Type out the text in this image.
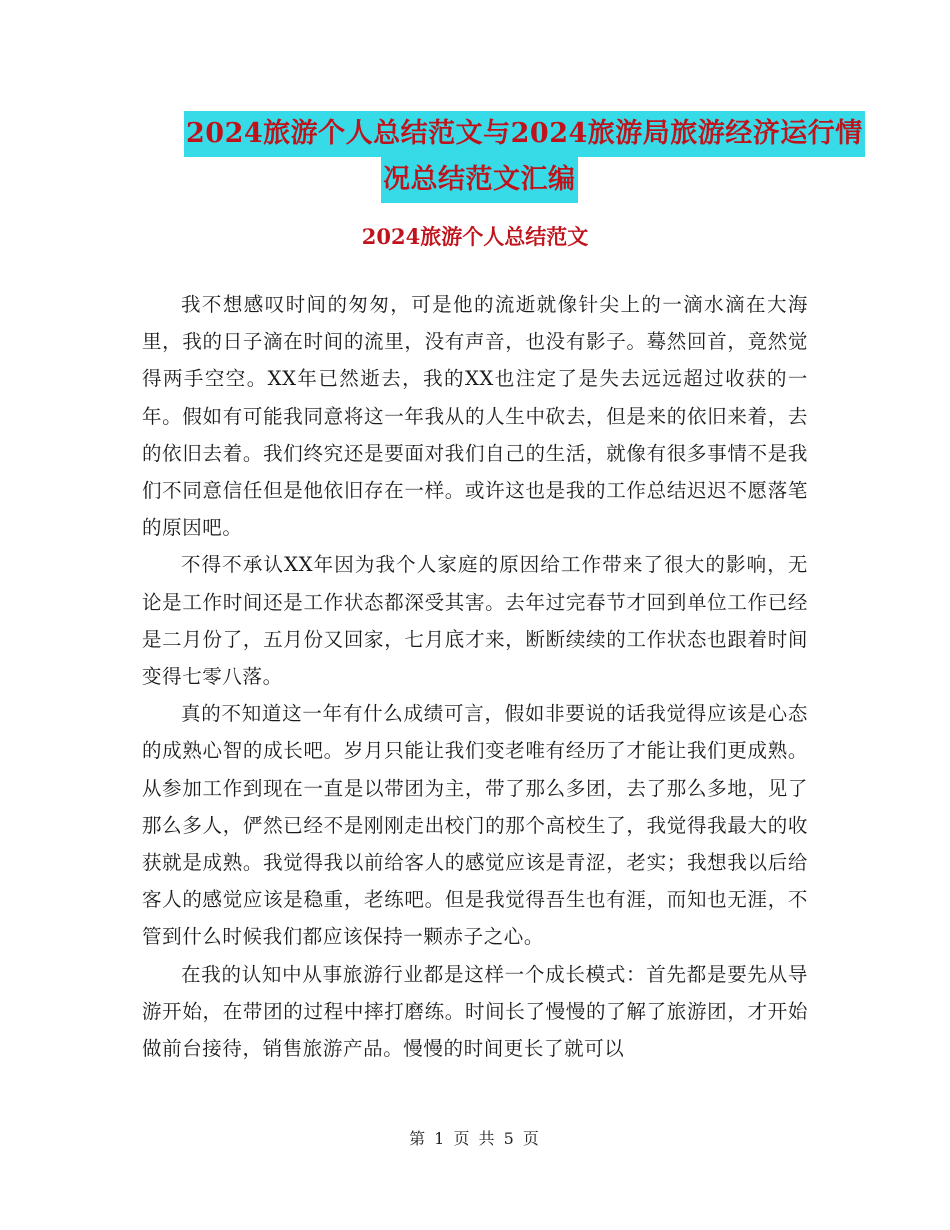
2024旅游个人总结范文与2024旅游局旅游经济运行情
况总结范文汇编
2024旅游个人总结范文

我不想感叹时间的匆匆，可是他的流逝就像针尖上的一滴水滴在大海里，我的日子滴在时间的流里，没有声音，也没有影子。蓦然回首，竟然觉得两手空空。XX年已然逝去，我的XX也注定了是失去远远超过收获的一年。假如有可能我同意将这一年我从的人生中砍去，但是来的依旧来着，去的依旧去着。我们终究还是要面对我们自己的生活，就像有很多事情不是我们不同意信任但是他依旧存在一样。或许这也是我的工作总结迟迟不愿落笔的原因吧。

不得不承认XX年因为我个人家庭的原因给工作带来了很大的影响，无论是工作时间还是工作状态都深受其害。去年过完春节才回到单位工作已经是二月份了，五月份又回家，七月底才来，断断续续的工作状态也跟着时间变得七零八落。

真的不知道这一年有什么成绩可言，假如非要说的话我觉得应该是心态的成熟心智的成长吧。岁月只能让我们变老唯有经历了才能让我们更成熟。从参加工作到现在一直是以带团为主，带了那么多团，去了那么多地，见了那么多人，俨然已经不是刚刚走出校门的那个高校生了，我觉得我最大的收获就是成熟。我觉得我以前给客人的感觉应该是青涩，老实；我想我以后给客人的感觉应该是稳重，老练吧。但是我觉得吾生也有涯，而知也无涯，不管到什么时候我们都应该保持一颗赤子之心。

在我的认知中从事旅游行业都是这样一个成长模式：首先都是要先从导游开始，在带团的过程中摔打磨练。时间长了慢慢的了解了旅游团，才开始做前台接待，销售旅游产品。慢慢的时间更长了就可以

第 1 页 共 5 页
